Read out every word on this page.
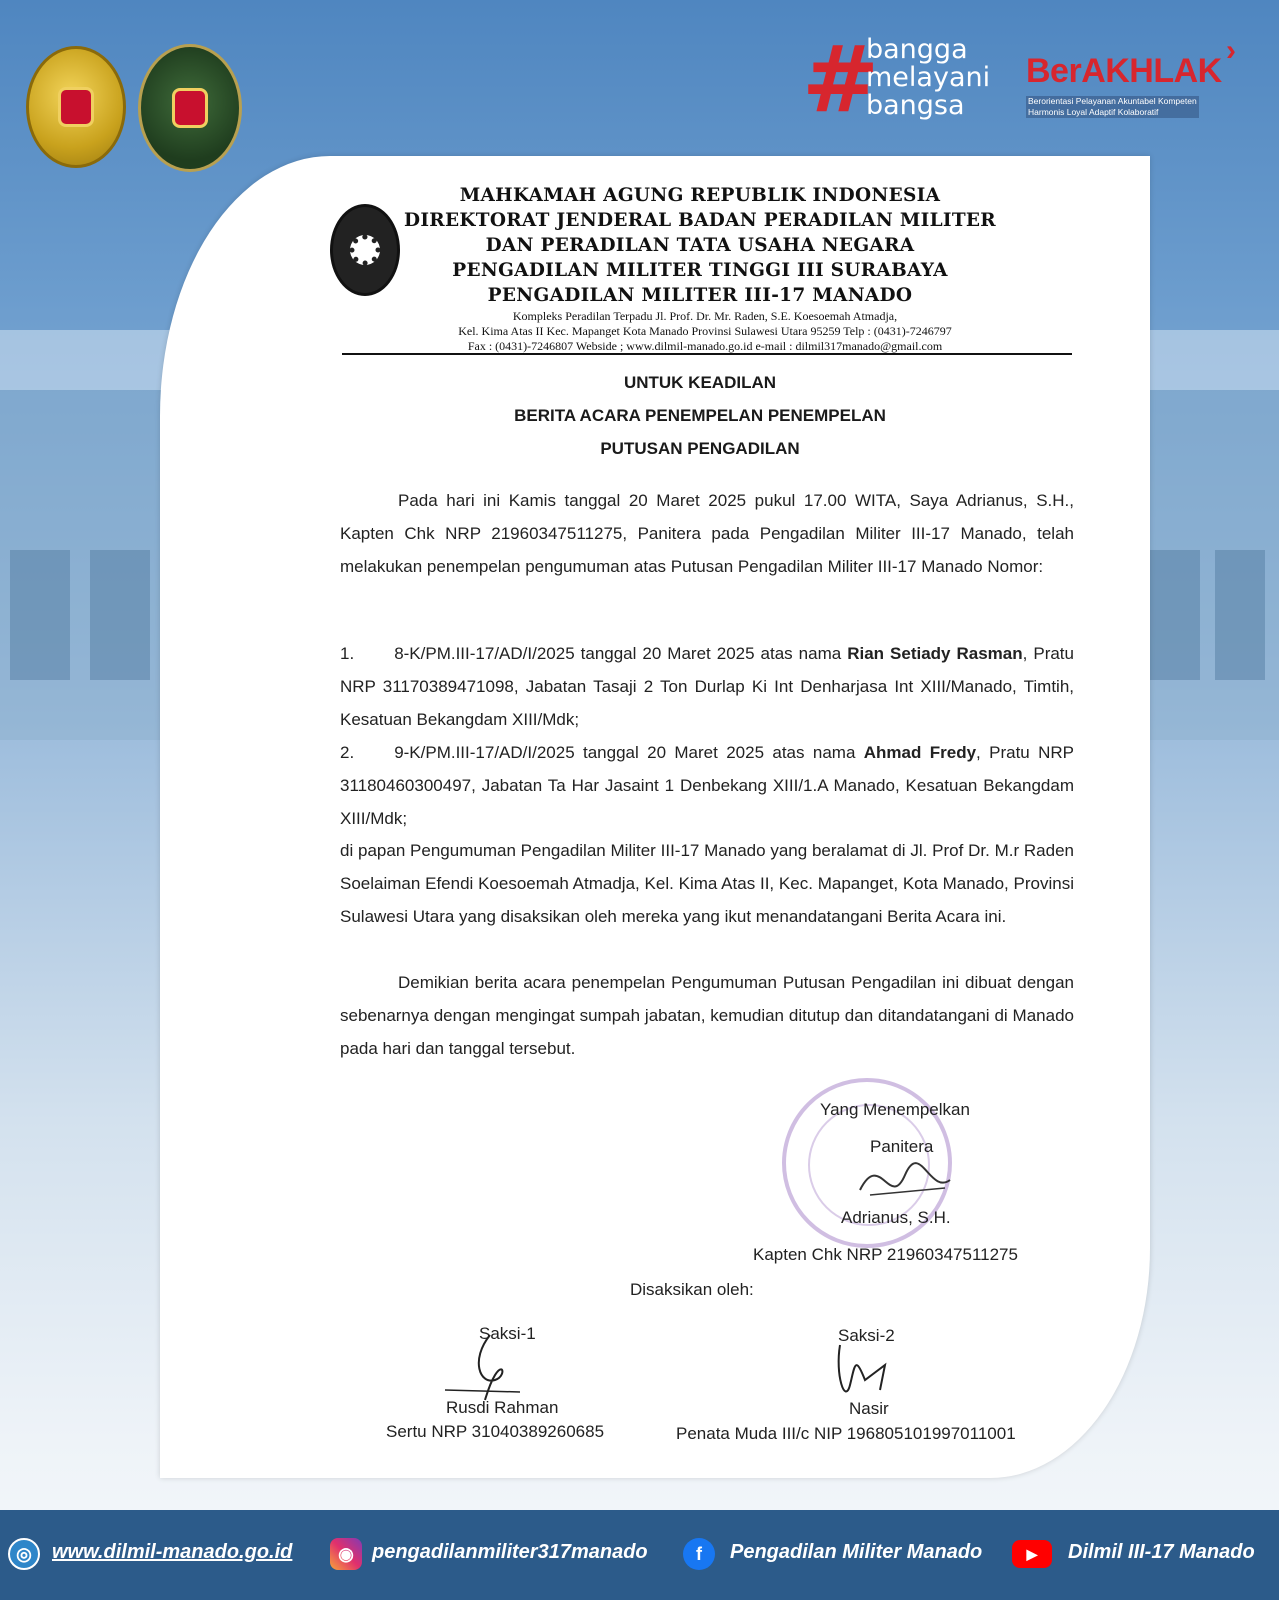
#
bangga
melayani
bangsa
BerAKHLAK
›
Berorientasi Pelayanan Akuntabel Kompeten
Harmonis Loyal Adaptif Kolaboratif
MAHKAMAH AGUNG REPUBLIK INDONESIA
DIREKTORAT JENDERAL BADAN PERADILAN MILITER
DAN PERADILAN TATA USAHA NEGARA
PENGADILAN MILITER TINGGI III SURABAYA
PENGADILAN MILITER III-17 MANADO
Kompleks Peradilan Terpadu Jl. Prof. Dr. Mr. Raden, S.E. Koesoemah Atmadja,
Kel. Kima Atas II Kec. Mapanget Kota Manado Provinsi Sulawesi Utara 95259 Telp : (0431)-7246797
Fax : (0431)-7246807 Webside ; www.dilmil-manado.go.id e-mail : dilmil317manado@gmail.com
UNTUK KEADILAN
BERITA ACARA PENEMPELAN PENEMPELAN
PUTUSAN PENGADILAN
Pada hari ini Kamis tanggal 20 Maret 2025 pukul 17.00 WITA, Saya Adrianus, S.H., Kapten Chk NRP 21960347511275, Panitera pada Pengadilan Militer III-17 Manado, telah melakukan penempelan pengumuman atas Putusan Pengadilan Militer III-17 Manado Nomor:
1. 8-K/PM.III-17/AD/I/2025 tanggal 20 Maret 2025 atas nama Rian Setiady Rasman, Pratu NRP 31170389471098, Jabatan Tasaji 2 Ton Durlap Ki Int Denharjasa Int XIII/Manado, Timtih, Kesatuan Bekangdam XIII/Mdk;
2. 9-K/PM.III-17/AD/I/2025 tanggal 20 Maret 2025 atas nama Ahmad Fredy, Pratu NRP 31180460300497, Jabatan Ta Har Jasaint 1 Denbekang XIII/1.A Manado, Kesatuan Bekangdam XIII/Mdk;
di papan Pengumuman Pengadilan Militer III-17 Manado yang beralamat di Jl. Prof Dr. M.r Raden Soelaiman Efendi Koesoemah Atmadja, Kel. Kima Atas II, Kec. Mapanget, Kota Manado, Provinsi Sulawesi Utara yang disaksikan oleh mereka yang ikut menandatangani Berita Acara ini.
Demikian berita acara penempelan Pengumuman Putusan Pengadilan ini dibuat dengan sebenarnya dengan mengingat sumpah jabatan, kemudian ditutup dan ditandatangani di Manado pada hari dan tanggal tersebut.
Yang Menempelkan
Panitera
Adrianus, S.H.
Kapten Chk NRP 21960347511275
Disaksikan oleh:
Saksi-1
Rusdi Rahman
Sertu NRP 31040389260685
Saksi-2
Nasir
Penata Muda III/c NIP 196805101997011001
◎	www.dilmil-manado.go.id	◉ pengadilanmiliter317manado	f	Pengadilan Militer Manado	▶	Dilmil III-17 Manado
